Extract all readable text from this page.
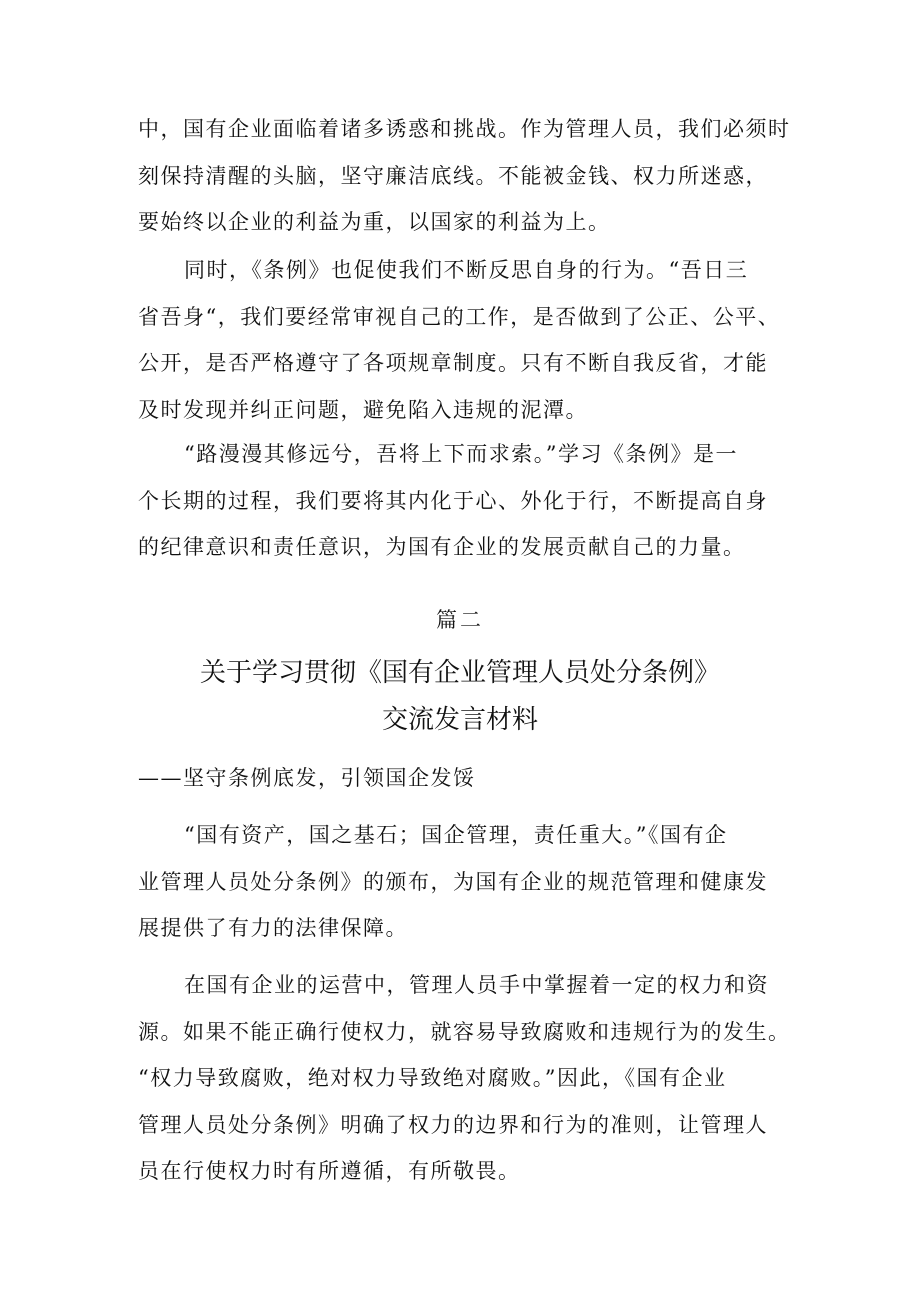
中，国有企业面临着诸多诱惑和挑战。作为管理人员，我们必须时
刻保持清醒的头脑，坚守廉洁底线。不能被金钱、权力所迷惑，
要始终以企业的利益为重，以国家的利益为上。

同时，《条例》也促使我们不断反思自身的行为。“吾日三
省吾身“，我们要经常审视自己的工作，是否做到了公正、公平、
公开，是否严格遵守了各项规章制度。只有不断自我反省，才能
及时发现并纠正问题，避免陷入违规的泥潭。

“路漫漫其修远兮，吾将上下而求索。”学习《条例》是一
个长期的过程，我们要将其内化于心、外化于行，不断提高自身
的纪律意识和责任意识，为国有企业的发展贡献自己的力量。

篇二

关于学习贯彻《国有企业管理人员处分条例》
交流发言材料

——坚守条例底发，引领国企发馁

“国有资产，国之基石；国企管理，责任重大。”《国有企
业管理人员处分条例》的颁布，为国有企业的规范管理和健康发
展提供了有力的法律保障。

在国有企业的运营中，管理人员手中掌握着一定的权力和资
源。如果不能正确行使权力，就容易导致腐败和违规行为的发生。
“权力导致腐败，绝对权力导致绝对腐败。”因此，《国有企业
管理人员处分条例》明确了权力的边界和行为的准则，让管理人
员在行使权力时有所遵循，有所敬畏。
